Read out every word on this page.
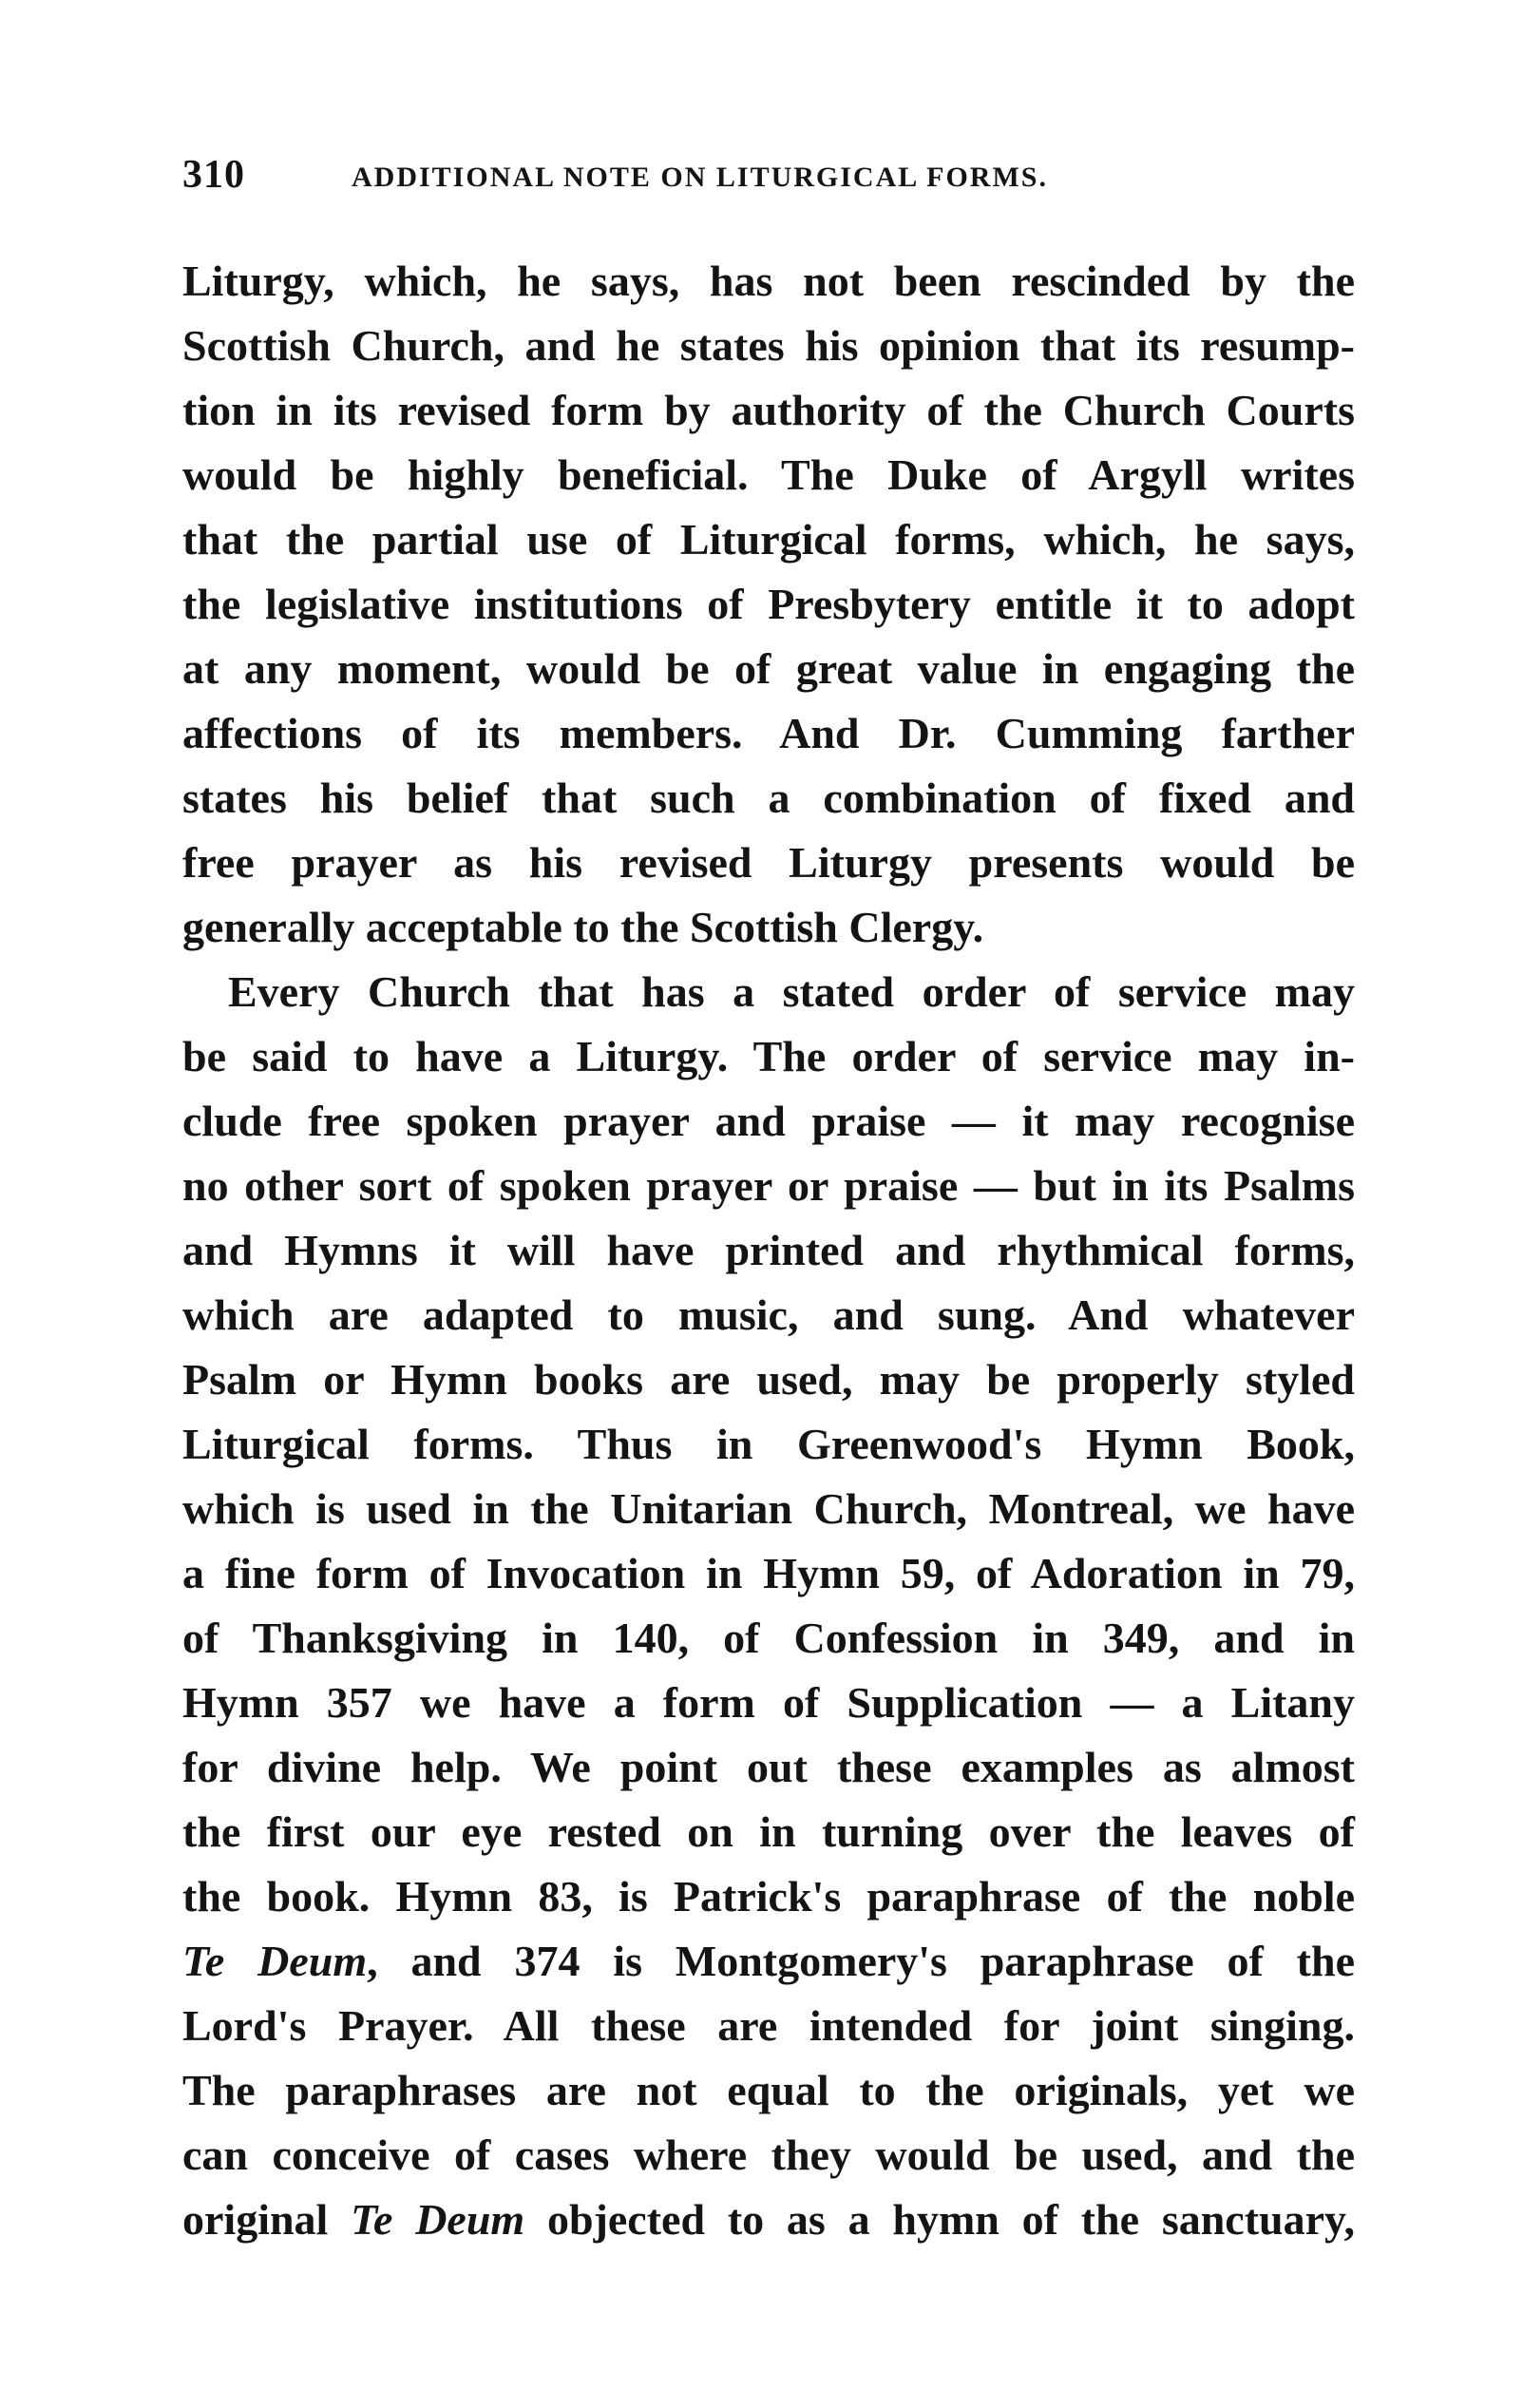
310	ADDITIONAL NOTE ON LITURGICAL FORMS.
Liturgy, which, he says, has not been rescinded by the
Scottish Church, and he states his opinion that its resump-
tion in its revised form by authority of the Church Courts
would be highly beneficial. The Duke of Argyll writes
that the partial use of Liturgical forms, which, he says,
the legislative institutions of Presbytery entitle it to adopt
at any moment, would be of great value in engaging the
affections of its members. And Dr. Cumming farther
states his belief that such a combination of fixed and
free prayer as his revised Liturgy presents would be
generally acceptable to the Scottish Clergy.
Every Church that has a stated order of service may
be said to have a Liturgy. The order of service may in-
clude free spoken prayer and praise — it may recognise
no other sort of spoken prayer or praise — but in its Psalms
and Hymns it will have printed and rhythmical forms,
which are adapted to music, and sung. And whatever
Psalm or Hymn books are used, may be properly styled
Liturgical forms. Thus in Greenwood's Hymn Book,
which is used in the Unitarian Church, Montreal, we have
a fine form of Invocation in Hymn 59, of Adoration in 79,
of Thanksgiving in 140, of Confession in 349, and in
Hymn 357 we have a form of Supplication — a Litany
for divine help. We point out these examples as almost
the first our eye rested on in turning over the leaves of
the book. Hymn 83, is Patrick's paraphrase of the noble
Te Deum, and 374 is Montgomery's paraphrase of the
Lord's Prayer. All these are intended for joint singing.
The paraphrases are not equal to the originals, yet we
can conceive of cases where they would be used, and the
original Te Deum objected to as a hymn of the sanctuary,
